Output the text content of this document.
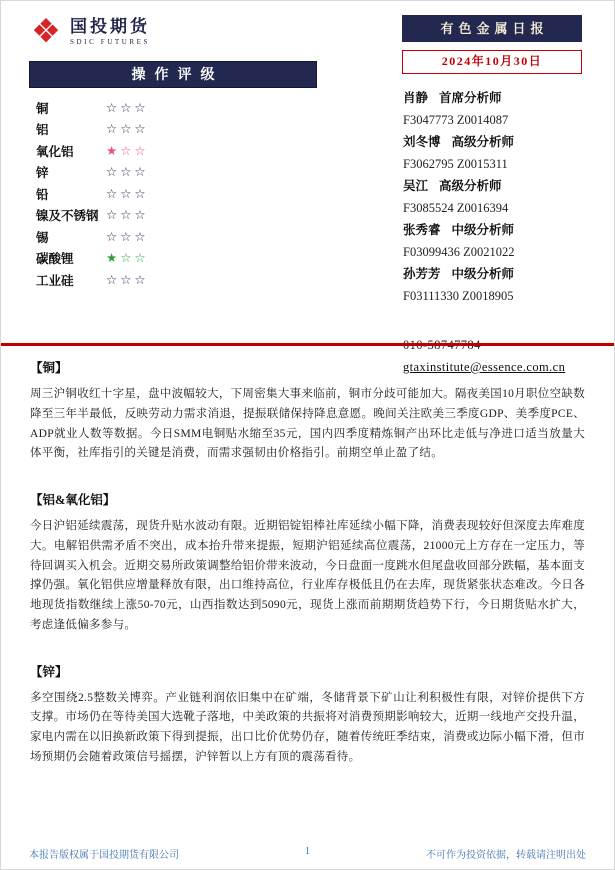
国投期货
SDIC FUTURES
有色金属日报
2024年10月30日
操作评级
铜	☆☆☆
铝	☆☆☆
氧化铝	★☆☆
锌	☆☆☆
铅	☆☆☆
镍及不锈钢 ☆☆☆
锡	☆☆☆
碳酸锂	★☆☆
工业硅	☆☆☆
肖静 首席分析师
F3047773 Z0014087
刘冬博 高级分析师
F3062795 Z0015311
吴江 高级分析师
F3085524 Z0016394
张秀睿 中级分析师
F03099436 Z0021022
孙芳芳 中级分析师
F03111330 Z0018905
gtaxinstitute@essence.com.cn
【铜】

周三沪铜收红十字星，盘中波幅较大，下周密集大事来临前，铜市分歧可能加大。隔夜美国10月职位空缺数降至三年半最低，反映劳动力需求消退，提振联储保持降息意愿。晚间关注欧美三季度GDP、美季度PCE、ADP就业人数等数据。今日SMM电铜贴水缩至35元，国内四季度精炼铜产出环比走低与净进口适当放量大体平衡，社库指引的关键是消费，而需求强韧由价格指引。前期空单止盈了结。

【铝&氧化铝】

今日沪铝延续震荡，现货升贴水波动有限。近期铝锭铝棒社库延续小幅下降，消费表现较好但深度去库难度大。电解铝供需矛盾不突出，成本抬升带来提振，短期沪铝延续高位震荡，21000元上方存在一定压力，等待回调买入机会。近期交易所政策调整给铝价带来波动，今日盘面一度跳水但尾盘收回部分跌幅，基本面支撑仍强。氧化铝供应增量释放有限，出口维持高位，行业库存极低且仍在去库，现货紧张状态难改。今日各地现货指数继续上涨50-70元，山西指数达到5090元，现货上涨而前期期货趋势下行，今日期货贴水扩大，考虑逢低偏多参与。

【锌】

多空围绕2.5整数关博弈。产业链利润依旧集中在矿端，冬储背景下矿山让利积极性有限，对锌价提供下方支撑。市场仍在等待美国大选靴子落地，中美政策的共振将对消费预期影响较大，近期一线地产交投升温，家电内需在以旧换新政策下得到提振，出口比价优势仍存，随着传统旺季结束，消费或边际小幅下滑，但市场预期仍会随着政策信号摇摆，沪锌暂以上方有顶的震荡看待。

本报告版权属于国投期货有限公司	1	不可作为投资依据，转载请注明出处
